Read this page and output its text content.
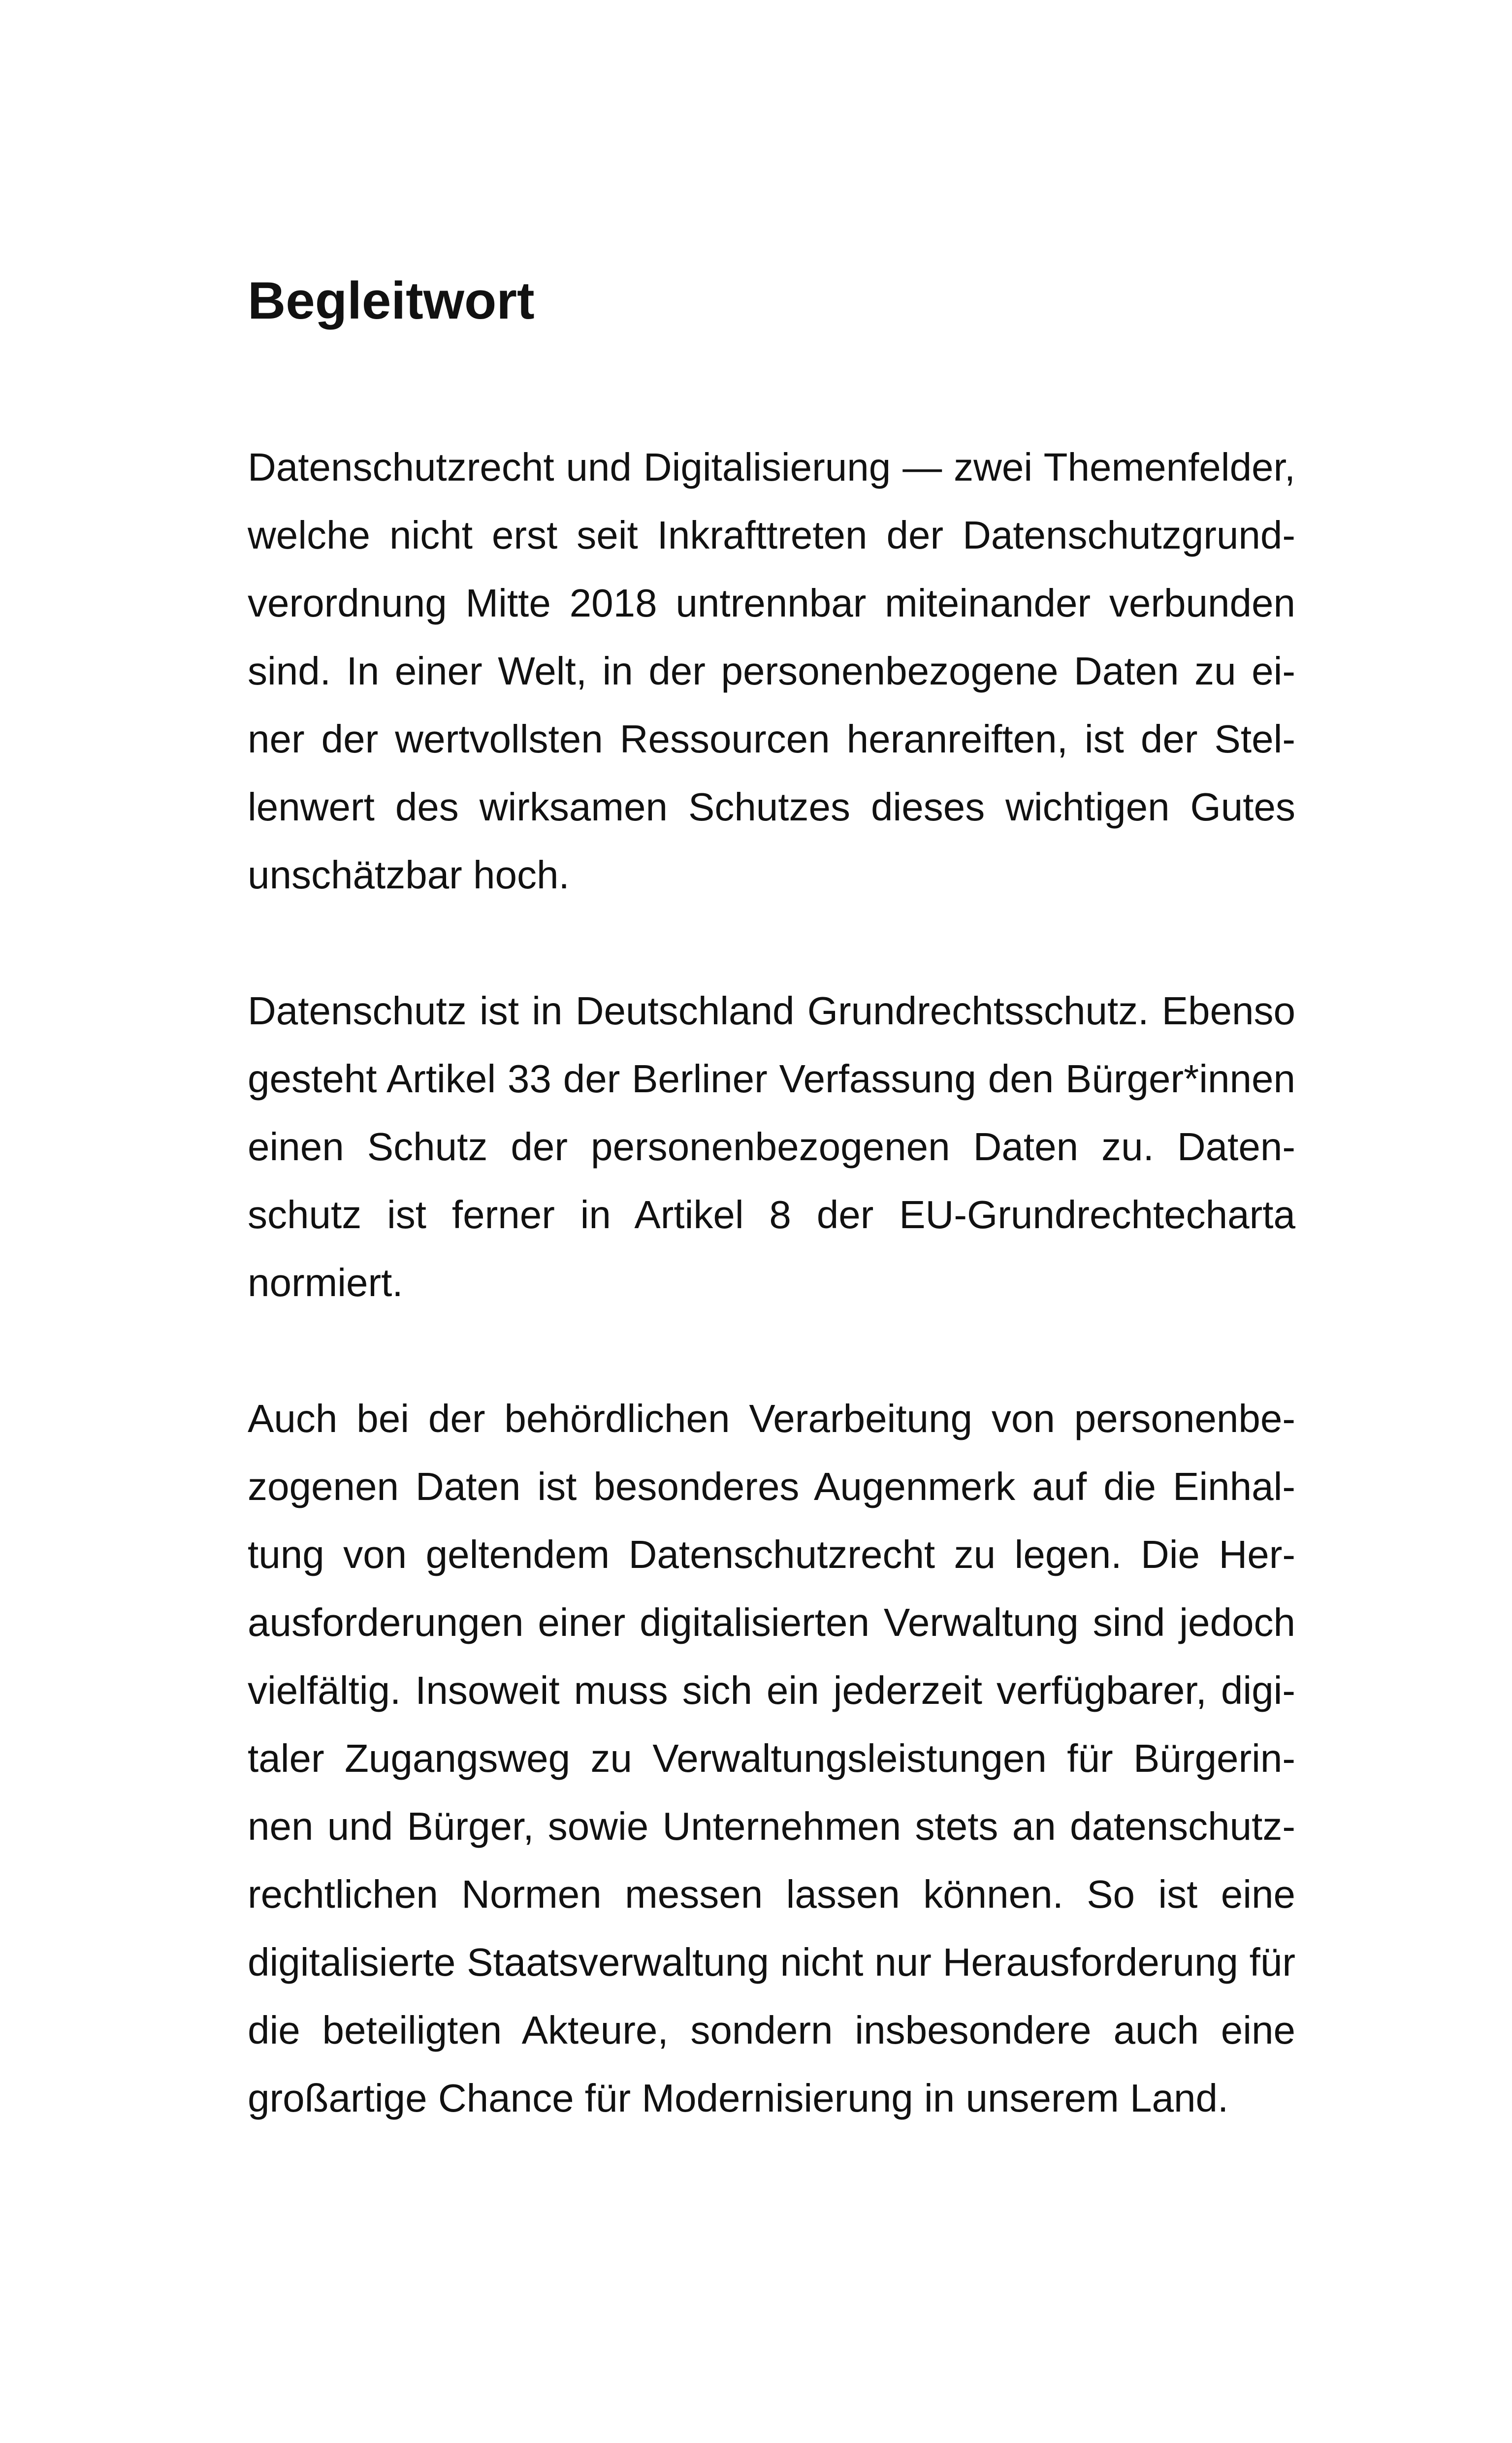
Begleitwort

Datenschutzrecht und Digitalisierung — zwei Themenfelder, welche nicht erst seit Inkrafttreten der Datenschutzgrundverordnung Mitte 2018 untrennbar miteinander verbunden sind. In einer Welt, in der personenbezogene Daten zu einer der wertvollsten Ressourcen heranreiften, ist der Stellenwert des wirksamen Schutzes dieses wichtigen Gutes unschätzbar hoch.

Datenschutz ist in Deutschland Grundrechtsschutz. Ebenso gesteht Artikel 33 der Berliner Verfassung den Bürger*innen einen Schutz der personenbezogenen Daten zu. Datenschutz ist ferner in Artikel 8 der EU-Grundrechtecharta normiert.

Auch bei der behördlichen Verarbeitung von personenbezogenen Daten ist besonderes Augenmerk auf die Einhaltung von geltendem Datenschutzrecht zu legen. Die Herausforderungen einer digitalisierten Verwaltung sind jedoch vielfältig. Insoweit muss sich ein jederzeit verfügbarer, digitaler Zugangsweg zu Verwaltungsleistungen für Bürgerinnen und Bürger, sowie Unternehmen stets an datenschutzrechtlichen Normen messen lassen können. So ist eine digitalisierte Staatsverwaltung nicht nur Herausforderung für die beteiligten Akteure, sondern insbesondere auch eine großartige Chance für Modernisierung in unserem Land.
